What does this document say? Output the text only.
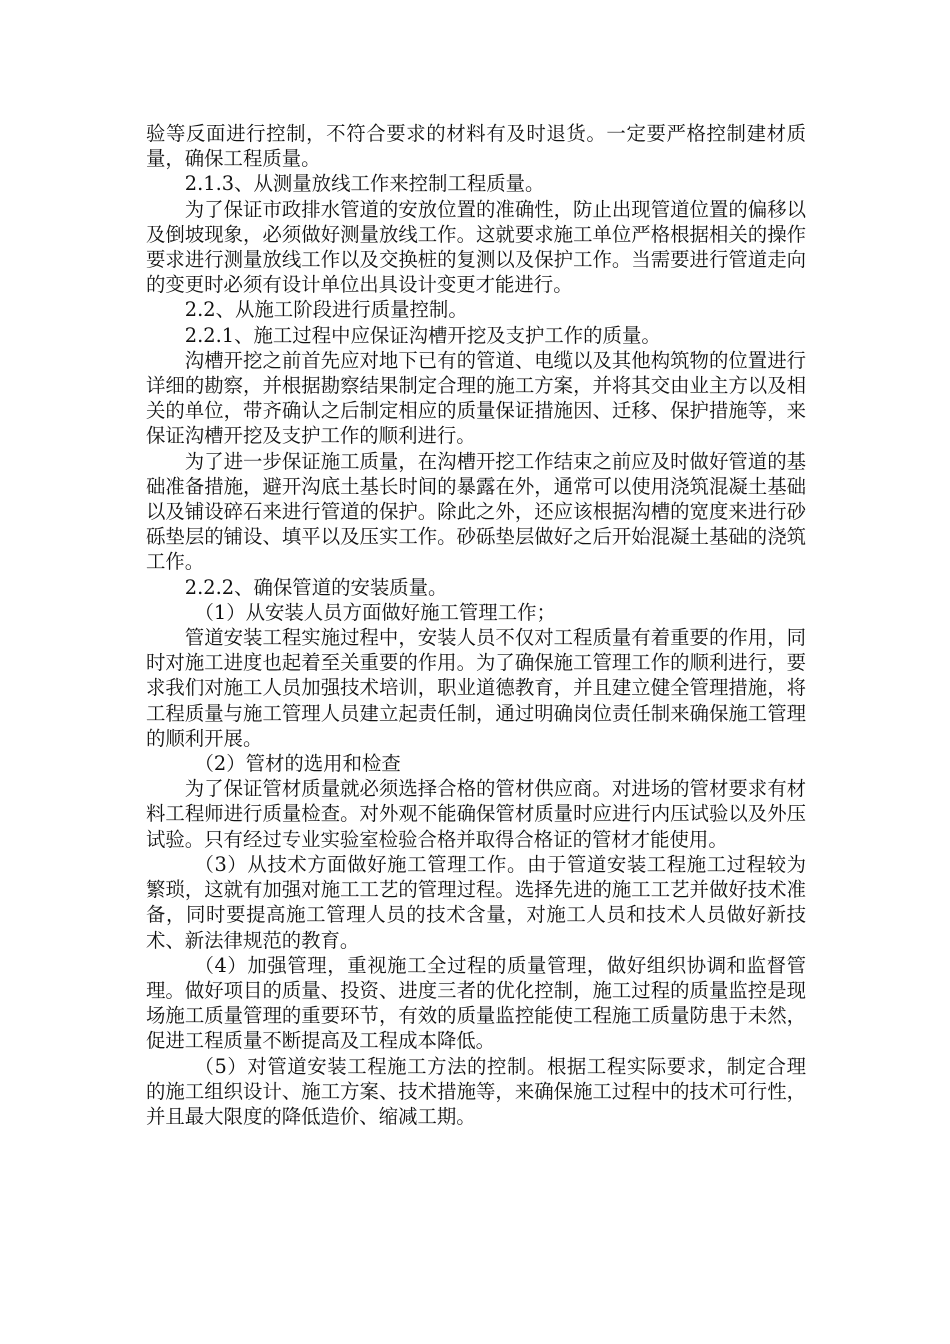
验等反面进行控制，不符合要求的材料有及时退货。一定要严格控制建材质量，确保工程质量。

2.1.3、从测量放线工作来控制工程质量。

为了保证市政排水管道的安放位置的准确性，防止出现管道位置的偏移以及倒坡现象，必须做好测量放线工作。这就要求施工单位严格根据相关的操作要求进行测量放线工作以及交换桩的复测以及保护工作。当需要进行管道走向的变更时必须有设计单位出具设计变更才能进行。

2.2、从施工阶段进行质量控制。

2.2.1、施工过程中应保证沟槽开挖及支护工作的质量。

沟槽开挖之前首先应对地下已有的管道、电缆以及其他构筑物的位置进行详细的勘察，并根据勘察结果制定合理的施工方案，并将其交由业主方以及相关的单位，带齐确认之后制定相应的质量保证措施因、迁移、保护措施等，来保证沟槽开挖及支护工作的顺利进行。

为了进一步保证施工质量，在沟槽开挖工作结束之前应及时做好管道的基础准备措施，避开沟底土基长时间的暴露在外，通常可以使用浇筑混凝土基础以及铺设碎石来进行管道的保护。除此之外，还应该根据沟槽的宽度来进行砂砾垫层的铺设、填平以及压实工作。砂砾垫层做好之后开始混凝土基础的浇筑工作。

2.2.2、确保管道的安装质量。

（1）从安装人员方面做好施工管理工作；

管道安装工程实施过程中，安装人员不仅对工程质量有着重要的作用，同时对施工进度也起着至关重要的作用。为了确保施工管理工作的顺利进行，要求我们对施工人员加强技术培训，职业道德教育，并且建立健全管理措施，将工程质量与施工管理人员建立起责任制，通过明确岗位责任制来确保施工管理的顺利开展。

（2）管材的选用和检查

为了保证管材质量就必须选择合格的管材供应商。对进场的管材要求有材料工程师进行质量检查。对外观不能确保管材质量时应进行内压试验以及外压试验。只有经过专业实验室检验合格并取得合格证的管材才能使用。

（3）从技术方面做好施工管理工作。由于管道安装工程施工过程较为繁琐，这就有加强对施工工艺的管理过程。选择先进的施工工艺并做好技术准备，同时要提高施工管理人员的技术含量，对施工人员和技术人员做好新技术、新法律规范的教育。

（4）加强管理，重视施工全过程的质量管理，做好组织协调和监督管理。做好项目的质量、投资、进度三者的优化控制，施工过程的质量监控是现场施工质量管理的重要环节，有效的质量监控能使工程施工质量防患于未然，促进工程质量不断提高及工程成本降低。

（5）对管道安装工程施工方法的控制。根据工程实际要求，制定合理的施工组织设计、施工方案、技术措施等，来确保施工过程中的技术可行性，并且最大限度的降低造价、缩减工期。
